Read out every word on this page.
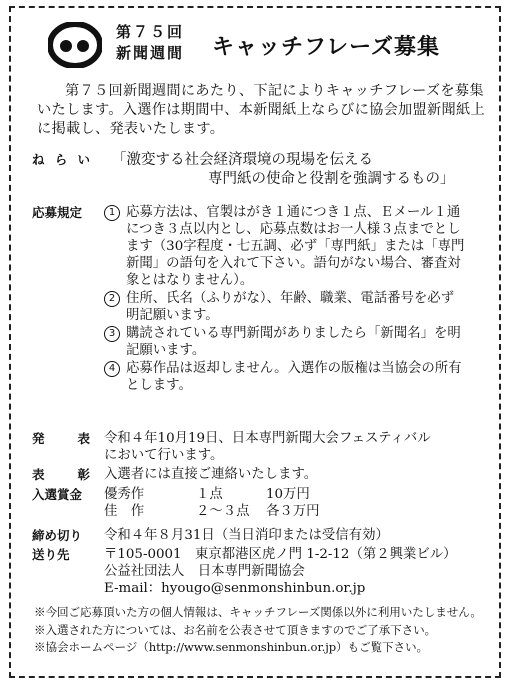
第７５回
新聞週間 キャッチフレーズ募集
第７５回新聞週間にあたり、下記によりキャッチフレーズを募集いたします。入選作は期間中、本新聞紙上ならびに協会加盟新聞紙上に掲載し、発表いたします。
ね ら い 「激変する社会経済環境の現場を伝える
専門紙の使命と役割を強調するもの」
応募規定	1 応募方法は、官製はがき１通につき１点、Ｅメール１通につき３点以内とし、応募点数はお一人様３点までとします（30字程度・七五調、必ず「専門紙」または「専門新聞」の語句を入れて下さい。語句がない場合、審査対象とはなりません）。
2 住所、氏名（ふりがな）、年齢、職業、電話番号を必ず明記願います。
3 購読されている専門新聞がありましたら「新聞名」を明記願います。
4 応募作品は返却しません。入選作の版権は当協会の所有とします。
発	表 令和４年10月19日、日本専門新聞大会フェスティバル
において行います。
表	彰 入選者には直接ご連絡いたします。
入選賞金	優秀作	１点	10万円
佳　作	２～３点	各３万円
締め切り	令和４年８月31日（当日消印または受信有効）
送り先	〒105-0001　東京都港区虎ノ門 1-2-12（第２興業ビル）
公益社団法人　日本専門新聞協会
E-mail：hyougo@senmonshinbun.or.jp
※今回ご応募頂いた方の個人情報は、キャッチフレーズ関係以外に利用いたしません。
※入選された方については、お名前を公表させて頂きますのでご了承下さい。
※協会ホームページ（http://www.senmonshinbun.or.jp）もご覧下さい。
